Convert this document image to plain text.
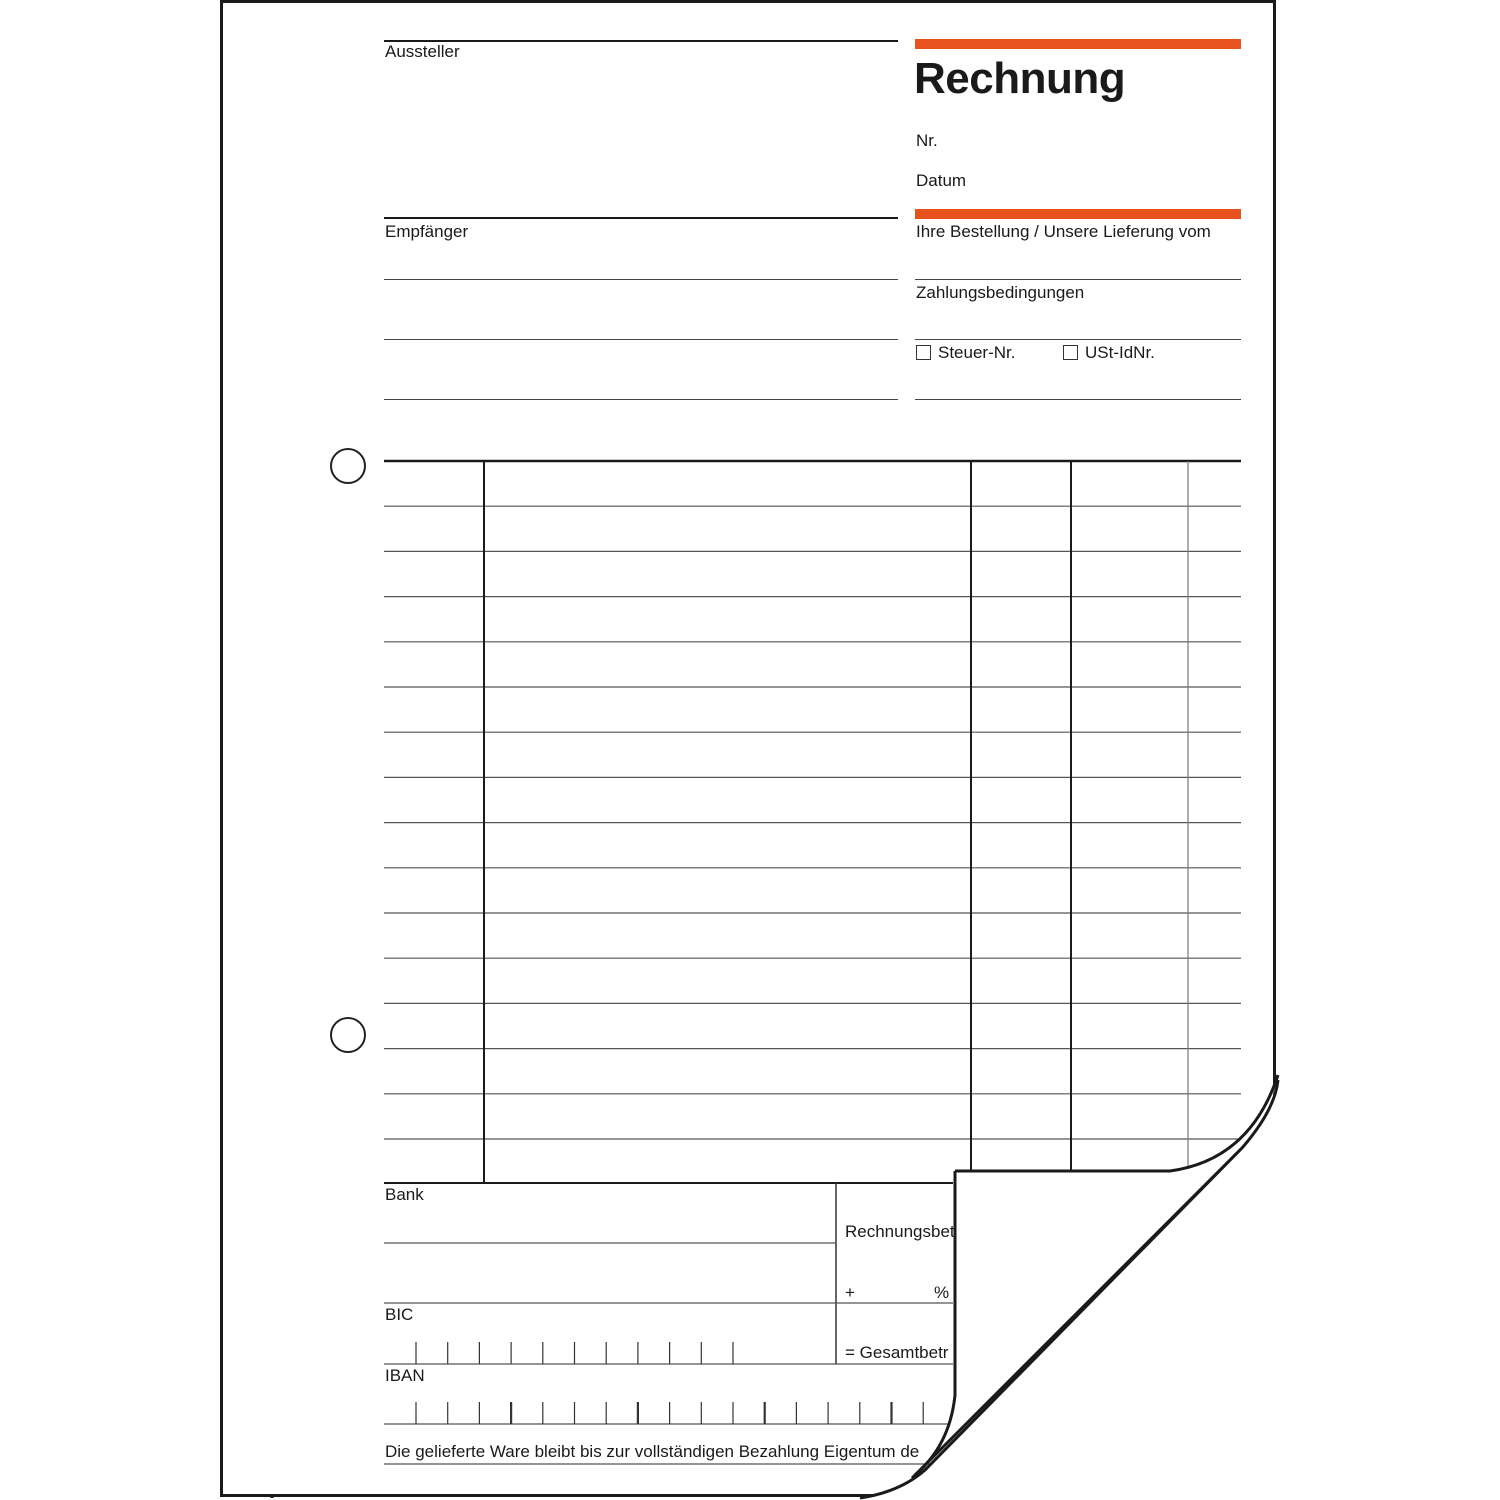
Aussteller
Rechnung
Nr.
Datum
Empfänger	Ihre Bestellung / Unsere Lieferung vom
Zahlungsbedingungen
Steuer-Nr.	USt-IdNr.
Bank
BIC
IBAN
Rechnungsbet
+	%
= Gesamtbetr
Die gelieferte Ware bleibt bis zur vollständigen Bezahlung Eigentum de
